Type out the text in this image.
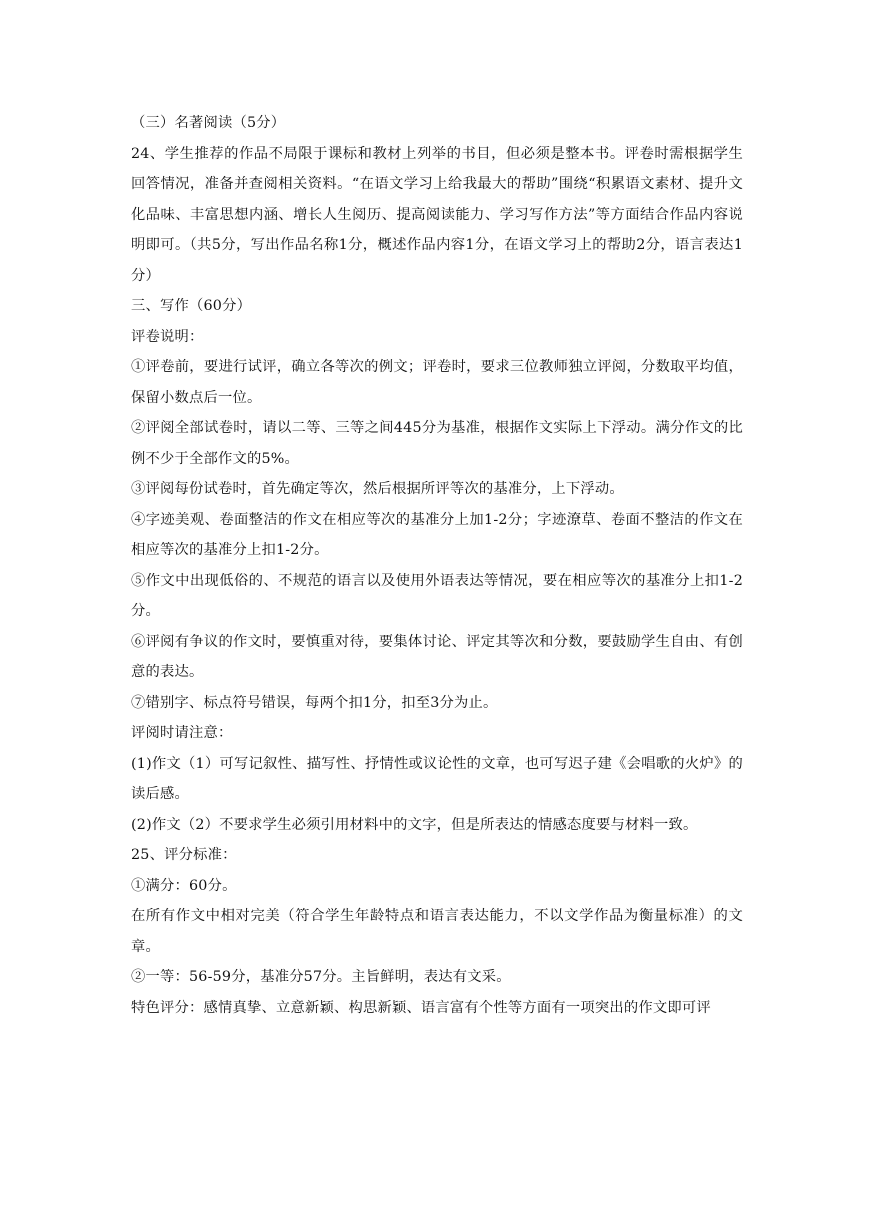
（三）名著阅读（5分）

24、学生推荐的作品不局限于课标和教材上列举的书目，但必须是整本书。评卷时需根据学生回答情况，准备并查阅相关资料。“在语文学习上给我最大的帮助”围绕“积累语文素材、提升文化品味、丰富思想内涵、增长人生阅历、提高阅读能力、学习写作方法”等方面结合作品内容说明即可。（共5分，写出作品名称1分，概述作品内容1分，在语文学习上的帮助2分，语言表达1分）

三、写作（60分）

评卷说明：

①评卷前，要进行试评，确立各等次的例文；评卷时，要求三位教师独立评阅，分数取平均值，保留小数点后一位。

②评阅全部试卷时，请以二等、三等之间445分为基准，根据作文实际上下浮动。满分作文的比例不少于全部作文的5%。

③评阅每份试卷时，首先确定等次，然后根据所评等次的基准分，上下浮动。

④字迹美观、卷面整洁的作文在相应等次的基准分上加1-2分；字迹潦草、卷面不整洁的作文在相应等次的基准分上扣1-2分。

⑤作文中出现低俗的、不规范的语言以及使用外语表达等情况，要在相应等次的基准分上扣1-2分。

⑥评阅有争议的作文时，要慎重对待，要集体讨论、评定其等次和分数，要鼓励学生自由、有创意的表达。

⑦错别字、标点符号错误，每两个扣1分，扣至3分为止。

评阅时请注意：

(1)作文（1）可写记叙性、描写性、抒情性或议论性的文章，也可写迟子建《会唱歌的火炉》的读后感。

(2)作文（2）不要求学生必须引用材料中的文字，但是所表达的情感态度要与材料一致。

25、评分标准：

①满分：60分。

在所有作文中相对完美（符合学生年龄特点和语言表达能力，不以文学作品为衡量标准）的文章。

②一等：56-59分，基准分57分。主旨鲜明，表达有文采。

特色评分：感情真挚、立意新颖、构思新颖、语言富有个性等方面有一项突出的作文即可评
